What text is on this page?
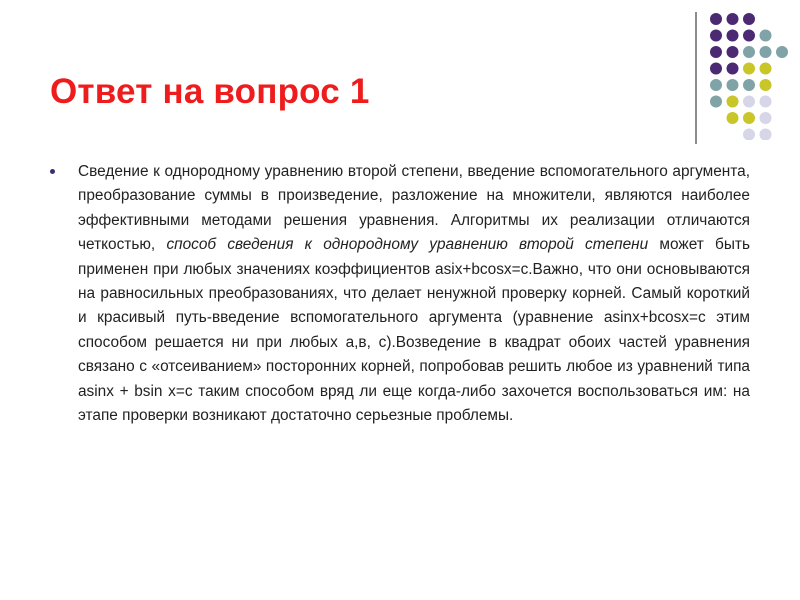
Ответ на вопрос 1

Сведение к однородному уравнению второй степени, введение вспомогательного аргумента, преобразование суммы в произведение, разложение на множители, являются наиболее эффективными методами решения уравнения. Алгоритмы их реализации отличаются четкостью, способ сведения к однородному уравнению второй степени может быть применен при любых значениях коэффициентов asix+bcosx=c.Важно, что они основываются на равносильных преобразованиях, что делает ненужной проверку корней. Самый короткий и красивый путь-введение вспомогательного аргумента (уравнение asinx+bcosx=c этим способом решается ни при любых а,в, с).Возведение в квадрат обоих частей уравнения связано с «отсеиванием» посторонних корней, попробовав решить любое из уравнений типа asinx + bsin x=c таким способом вряд ли еще когда-либо захочется воспользоваться им: на этапе проверки возникают достаточно серьезные проблемы.
